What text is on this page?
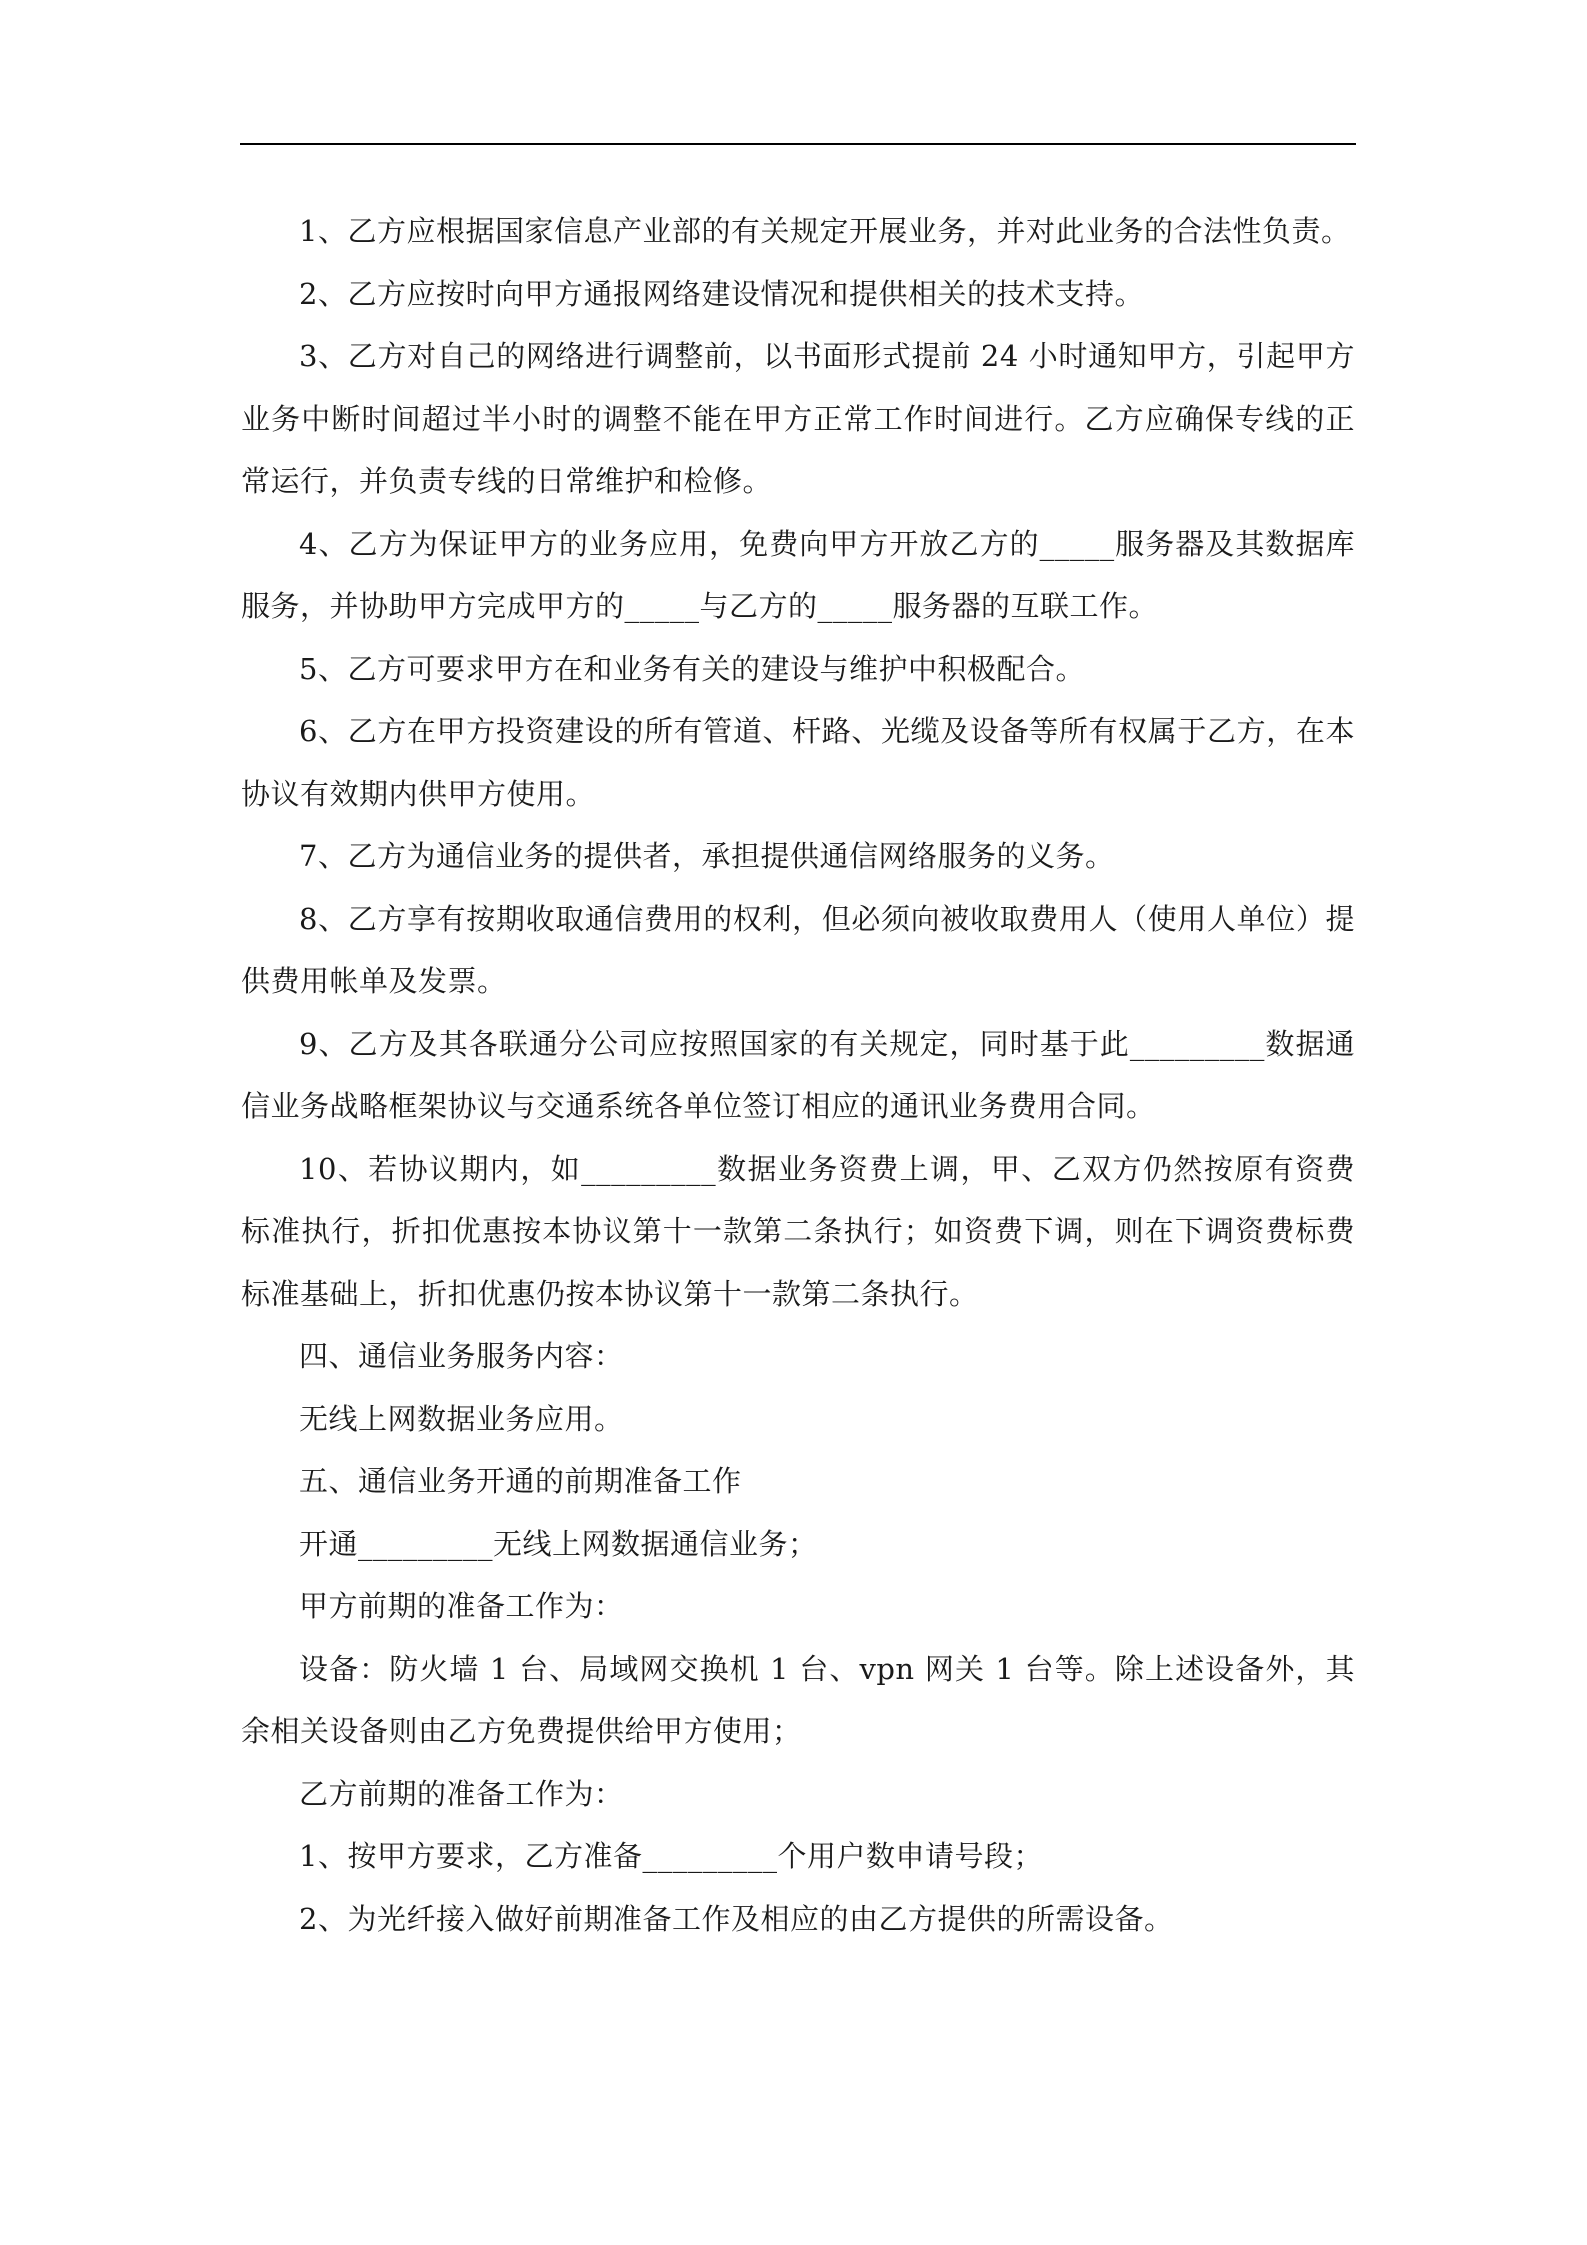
1、乙方应根据国家信息产业部的有关规定开展业务，并对此业务的合法性负责。

2、乙方应按时向甲方通报网络建设情况和提供相关的技术支持。

3、乙方对自己的网络进行调整前，以书面形式提前 24 小时通知甲方，引起甲方业务中断时间超过半小时的调整不能在甲方正常工作时间进行。乙方应确保专线的正常运行，并负责专线的日常维护和检修。

4、乙方为保证甲方的业务应用，免费向甲方开放乙方的_____服务器及其数据库服务，并协助甲方完成甲方的_____与乙方的_____服务器的互联工作。

5、乙方可要求甲方在和业务有关的建设与维护中积极配合。

6、乙方在甲方投资建设的所有管道、杆路、光缆及设备等所有权属于乙方，在本协议有效期内供甲方使用。

7、乙方为通信业务的提供者，承担提供通信网络服务的义务。

8、乙方享有按期收取通信费用的权利，但必须向被收取费用人（使用人单位）提供费用帐单及发票。

9、乙方及其各联通分公司应按照国家的有关规定，同时基于此_________数据通信业务战略框架协议与交通系统各单位签订相应的通讯业务费用合同。

10、若协议期内，如_________数据业务资费上调，甲、乙双方仍然按原有资费标准执行，折扣优惠按本协议第十一款第二条执行；如资费下调，则在下调资费标费标准基础上，折扣优惠仍按本协议第十一款第二条执行。

四、通信业务服务内容：

无线上网数据业务应用。

五、通信业务开通的前期准备工作

开通_________无线上网数据通信业务；

甲方前期的准备工作为：

设备：防火墙 1 台、局域网交换机 1 台、vpn 网关 1 台等。除上述设备外，其余相关设备则由乙方免费提供给甲方使用；

乙方前期的准备工作为：

1、按甲方要求，乙方准备_________个用户数申请号段；

2、为光纤接入做好前期准备工作及相应的由乙方提供的所需设备。
